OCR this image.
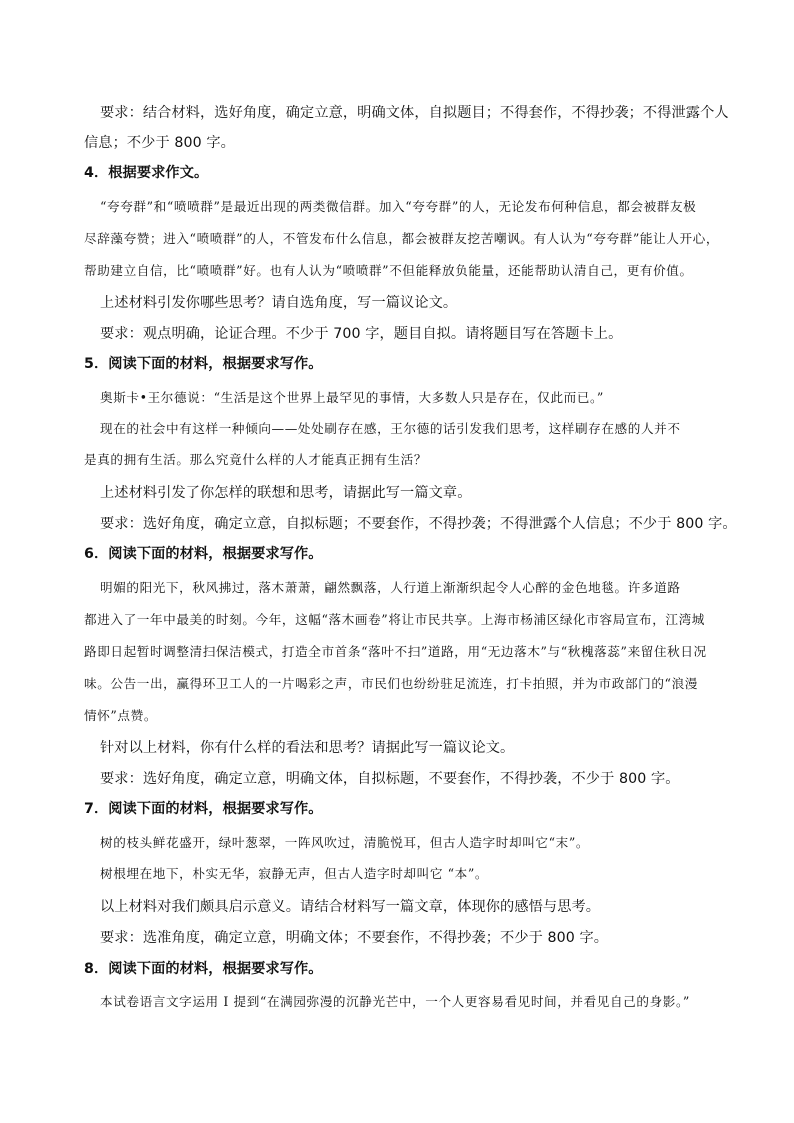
要求：结合材料，选好角度，确定立意，明确文体，自拟题目；不得套作，不得抄袭；不得泄露个人
信息；不少于 800 字。
4．根据要求作文。
“夸夸群”和“喷喷群”是最近出现的两类微信群。加入“夸夸群”的人，无论发布何种信息，都会被群友极
尽辞藻夸赞；进入“喷喷群”的人，不管发布什么信息，都会被群友挖苦嘲讽。有人认为“夸夸群”能让人开心，
帮助建立自信，比“喷喷群”好。也有人认为“喷喷群”不但能释放负能量，还能帮助认清自己，更有价值。
上述材料引发你哪些思考？请自选角度，写一篇议论文。
要求：观点明确，论证合理。不少于 700 字，题目自拟。请将题目写在答题卡上。
5．阅读下面的材料，根据要求写作。
奥斯卡•王尔德说：“生活是这个世界上最罕见的事情，大多数人只是存在，仅此而已。”
现在的社会中有这样一种倾向——处处刷存在感，王尔德的话引发我们思考，这样刷存在感的人并不
是真的拥有生活。那么究竟什么样的人才能真正拥有生活？
上述材料引发了你怎样的联想和思考，请据此写一篇文章。
要求：选好角度，确定立意，自拟标题；不要套作，不得抄袭；不得泄露个人信息；不少于 800 字。
6．阅读下面的材料，根据要求写作。
明媚的阳光下，秋风拂过，落木萧萧，翩然飘落，人行道上渐渐织起令人心醉的金色地毯。许多道路
都进入了一年中最美的时刻。今年，这幅“落木画卷”将让市民共享。上海市杨浦区绿化市容局宣布，江湾城
路即日起暂时调整清扫保洁模式，打造全市首条“落叶不扫”道路，用“无边落木”与“秋槐落蕊”来留住秋日况
味。公告一出，赢得环卫工人的一片喝彩之声，市民们也纷纷驻足流连，打卡拍照，并为市政部门的“浪漫
情怀”点赞。
针对以上材料，你有什么样的看法和思考？请据此写一篇议论文。
要求：选好角度，确定立意，明确文体，自拟标题，不要套作，不得抄袭，不少于 800 字。
7．阅读下面的材料，根据要求写作。
树的枝头鲜花盛开，绿叶葱翠，一阵风吹过，清脆悦耳，但古人造字时却叫它“末”。
树根埋在地下，朴实无华，寂静无声，但古人造字时却叫它 “本”。
以上材料对我们颇具启示意义。请结合材料写一篇文章，体现你的感悟与思考。
要求：选准角度，确定立意，明确文体；不要套作，不得抄袭；不少于 800 字。
8．阅读下面的材料，根据要求写作。
本试卷语言文字运用 Ⅰ 提到“在满园弥漫的沉静光芒中，一个人更容易看见时间，并看见自己的身影。”
